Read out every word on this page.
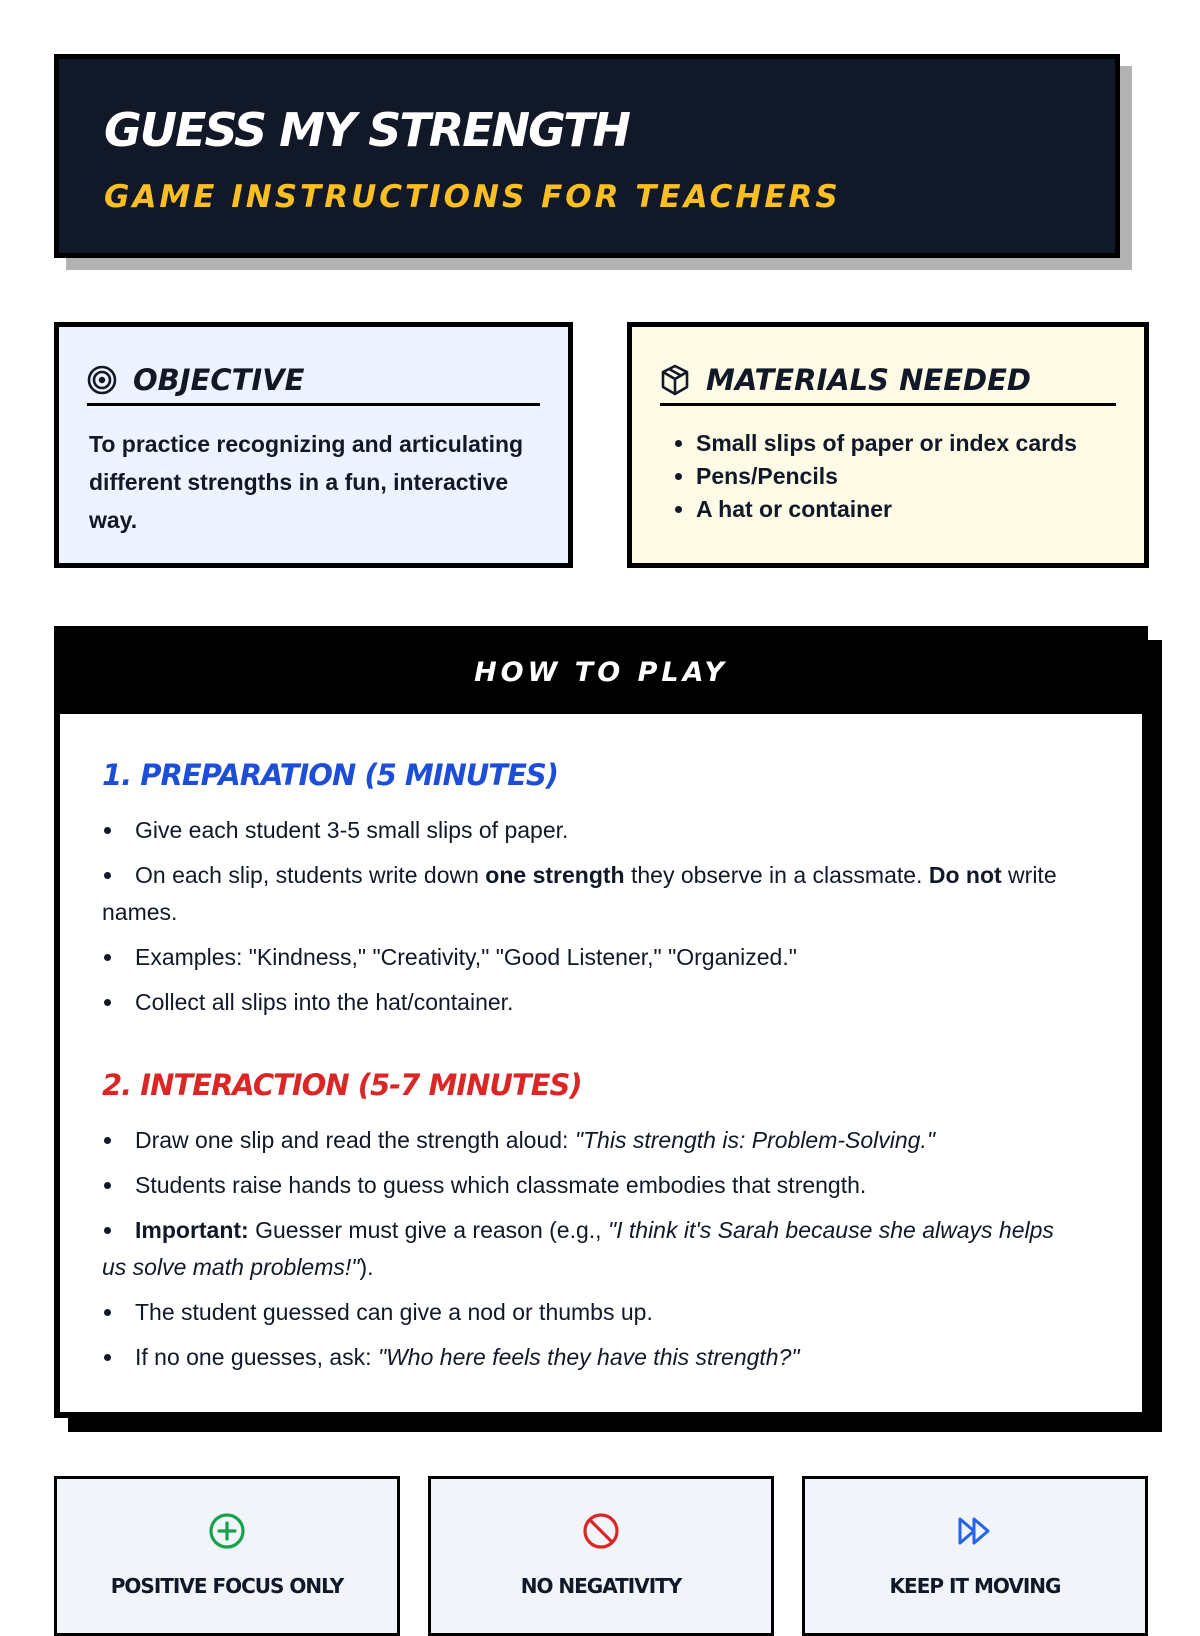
GUESS MY STRENGTH
GAME INSTRUCTIONS FOR TEACHERS
OBJECTIVE

To practice recognizing and articulating different strengths in a fun, interactive way.

MATERIALS NEEDED
• Small slips of paper or index cards
• Pens/Pencils
• A hat or container
HOW TO PLAY
1. PREPARATION (5 MINUTES)
Give each student 3-5 small slips of paper.
On each slip, students write down one strength they observe in a classmate. Do not write names.
Examples: "Kindness," "Creativity," "Good Listener," "Organized."
Collect all slips into the hat/container.
2. INTERACTION (5-7 MINUTES)
Draw one slip and read the strength aloud: "This strength is: Problem-Solving."
Students raise hands to guess which classmate embodies that strength.
Important: Guesser must give a reason (e.g., "I think it's Sarah because she always helps us solve math problems!").
The student guessed can give a nod or thumbs up.
If no one guesses, ask: "Who here feels they have this strength?"
POSITIVE FOCUS ONLY	NO NEGATIVITY	KEEP IT MOVING
